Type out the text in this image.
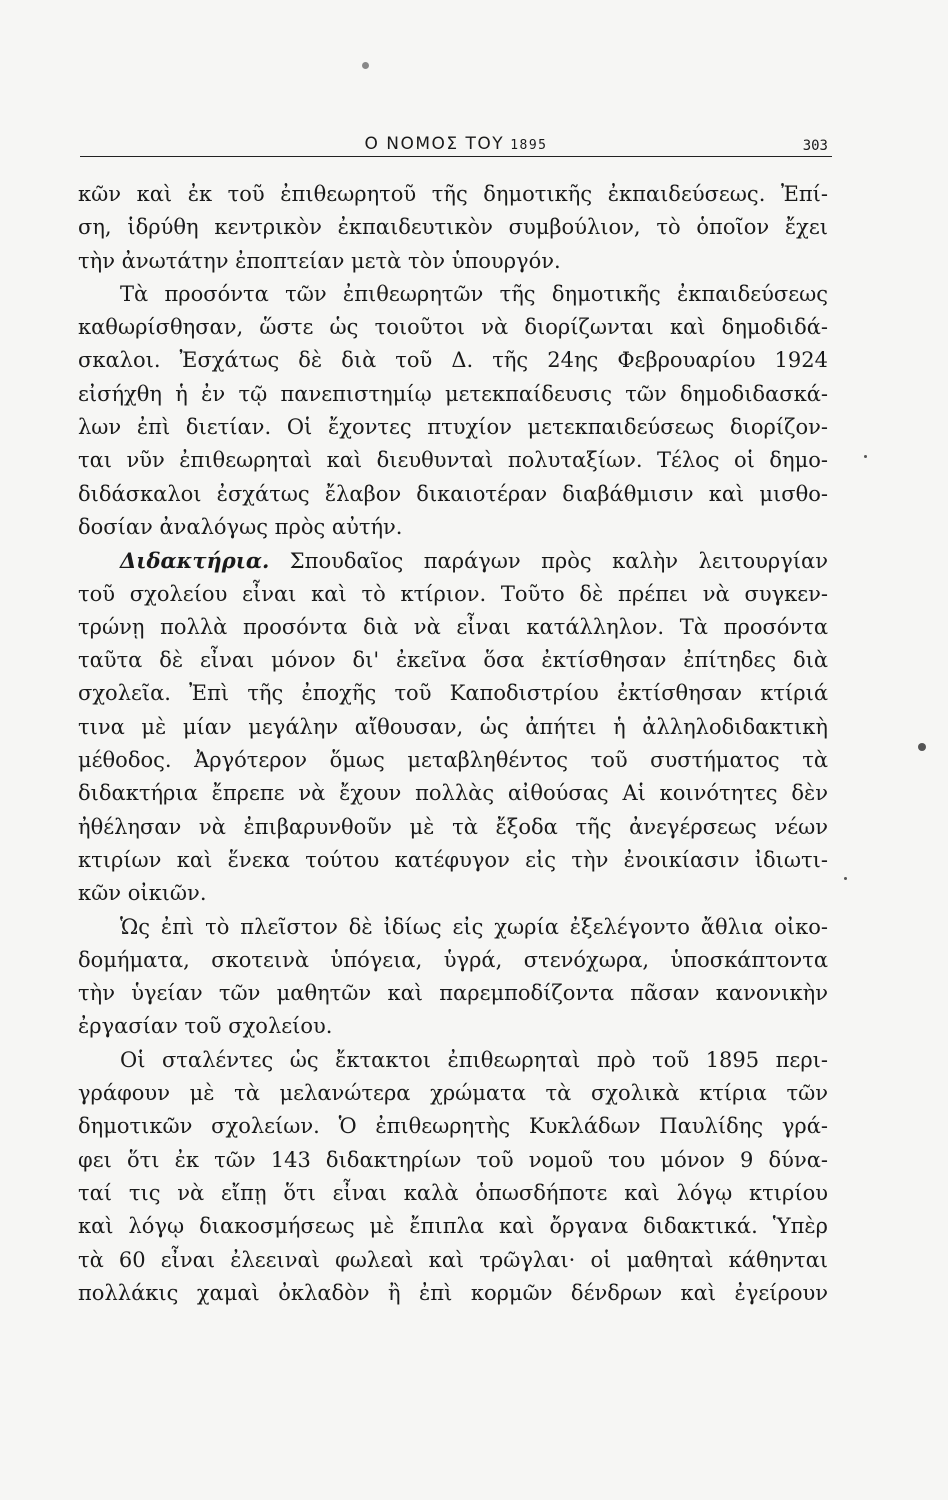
Ο ΝΟΜΟΣ ΤΟΥ 1895	303
κῶν καὶ ἐκ τοῦ ἐπιθεωρητοῦ τῆς δημοτικῆς ἐκπαιδεύσεως. Ἐπί-
ση, ἱδρύθη κεντρικὸν ἐκπαιδευτικὸν συμβούλιον, τὸ ὁποῖον ἔχει
τὴν ἀνωτάτην ἐποπτείαν μετὰ τὸν ὑπουργόν.
Τὰ προσόντα τῶν ἐπιθεωρητῶν τῆς δημοτικῆς ἐκπαιδεύσεως
καθωρίσθησαν, ὥστε ὡς τοιοῦτοι νὰ διορίζωνται καὶ δημοδιδά-
σκαλοι. Ἐσχάτως δὲ διὰ τοῦ Δ. τῆς 24ης Φεβρουαρίου 1924
εἰσήχθη ἡ ἐν τῷ πανεπιστημίῳ μετεκπαίδευσις τῶν δημοδιδασκά-
λων ἐπὶ διετίαν. Οἱ ἔχοντες πτυχίον μετεκπαιδεύσεως διορίζον-
ται νῦν ἐπιθεωρηταὶ καὶ διευθυνταὶ πολυταξίων. Τέλος οἱ δημο-
διδάσκαλοι ἐσχάτως ἔλαβον δικαιοτέραν διαβάθμισιν καὶ μισθο-
δοσίαν ἀναλόγως πρὸς αὐτήν.
Διδακτήρια. Σπουδαῖος παράγων πρὸς καλὴν λειτουργίαν
τοῦ σχολείου εἶναι καὶ τὸ κτίριον. Τοῦτο δὲ πρέπει νὰ συγκεν-
τρώνῃ πολλὰ προσόντα διὰ νὰ εἶναι κατάλληλον. Τὰ προσόντα
ταῦτα δὲ εἶναι μόνον δι' ἐκεῖνα ὅσα ἐκτίσθησαν ἐπίτηδες διὰ
σχολεῖα. Ἐπὶ τῆς ἐποχῆς τοῦ Καποδιστρίου ἐκτίσθησαν κτίριά
τινα μὲ μίαν μεγάλην αἴθουσαν, ὡς ἀπήτει ἡ ἀλληλοδιδακτικὴ
μέθοδος. Ἀργότερον ὅμως μεταβληθέντος τοῦ συστήματος τὰ
διδακτήρια ἔπρεπε νὰ ἔχουν πολλὰς αἰθούσας Αἱ κοινότητες δὲν
ἠθέλησαν νὰ ἐπιβαρυνθοῦν μὲ τὰ ἔξοδα τῆς ἀνεγέρσεως νέων
κτιρίων καὶ ἕνεκα τούτου κατέφυγον εἰς τὴν ἐνοικίασιν ἰδιωτι-
κῶν οἰκιῶν.
Ὡς ἐπὶ τὸ πλεῖστον δὲ ἰδίως εἰς χωρία ἐξελέγοντο ἄθλια οἰκο-
δομήματα, σκοτεινὰ ὑπόγεια, ὑγρά, στενόχωρα, ὑποσκάπτοντα
τὴν ὑγείαν τῶν μαθητῶν καὶ παρεμποδίζοντα πᾶσαν κανονικὴν
ἐργασίαν τοῦ σχολείου.
Οἱ σταλέντες ὡς ἔκτακτοι ἐπιθεωρηταὶ πρὸ τοῦ 1895 περι-
γράφουν μὲ τὰ μελανώτερα χρώματα τὰ σχολικὰ κτίρια τῶν
δημοτικῶν σχολείων. Ὁ ἐπιθεωρητὴς Κυκλάδων Παυλίδης γρά-
φει ὅτι ἐκ τῶν 143 διδακτηρίων τοῦ νομοῦ του μόνον 9 δύνα-
ταί τις νὰ εἴπῃ ὅτι εἶναι καλὰ ὁπωσδήποτε καὶ λόγῳ κτιρίου
καὶ λόγῳ διακοσμήσεως μὲ ἔπιπλα καὶ ὄργανα διδακτικά. Ὑπὲρ
τὰ 60 εἶναι ἐλεειναὶ φωλεαὶ καὶ τρῶγλαι· οἱ μαθηταὶ κάθηνται
πολλάκις χαμαὶ ὀκλαδὸν ἢ ἐπὶ κορμῶν δένδρων καὶ ἐγείρουν
